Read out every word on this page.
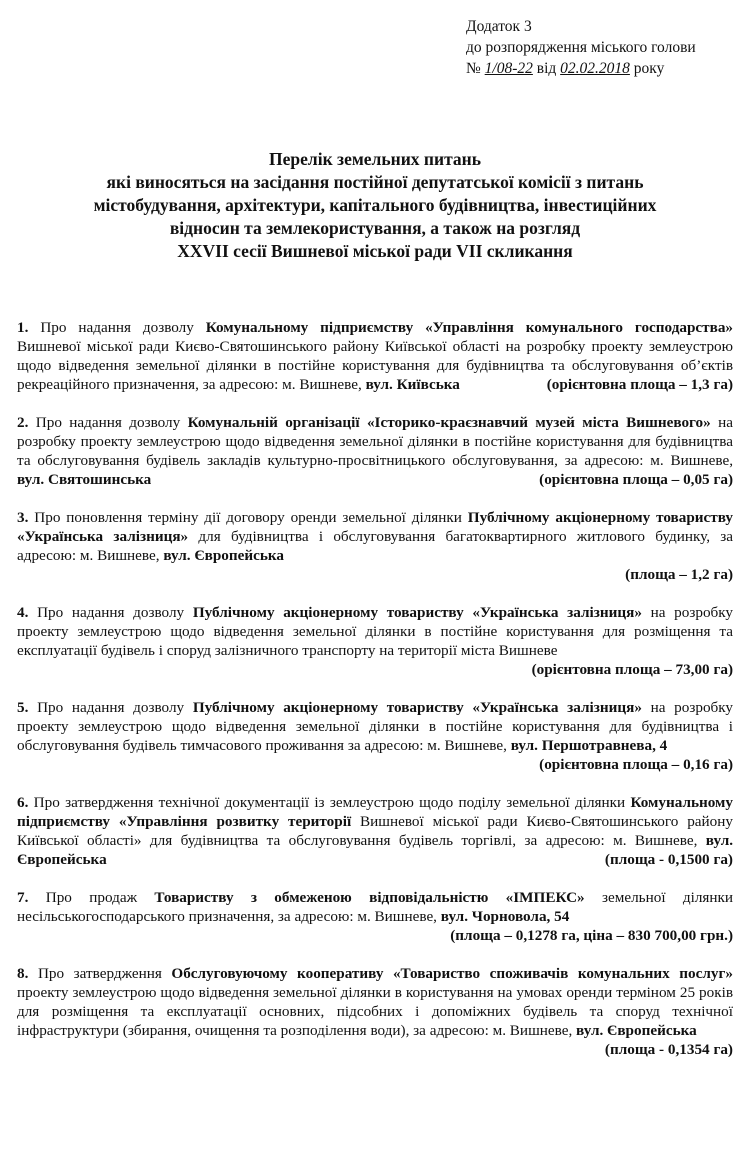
Додаток 3
до розпорядження міського голови
№ 1/08-22 від 02.02.2018 року
Перелік земельних питань
які виносяться на засідання постійної депутатської комісії з питань
містобудування, архітектури, капітального будівництва, інвестиційних
відносин та землекористування, а також на розгляд
XXVII сесії Вишневої міської ради VII скликання
1. Про надання дозволу Комунальному підприємству «Управління комунального господарства» Вишневої міської ради Києво-Святошинського району Київської області на розробку проекту землеустрою щодо відведення земельної ділянки в постійне користування для будівництва та обслуговування об’єктів рекреаційного призначення, за адресою: м. Вишневе, вул. Київська	(орієнтовна площа – 1,3 га)
2. Про надання дозволу Комунальній організації «Історико-краєзнавчий музей міста Вишневого» на розробку проекту землеустрою щодо відведення земельної ділянки в постійне користування для будівництва та обслуговування будівель закладів культурно-просвітницького обслуговування, за адресою: м. Вишневе, вул. Святошинська	(орієнтовна площа – 0,05 га)
3. Про поновлення терміну дії договору оренди земельної ділянки Публічному акціонерному товариству «Українська залізниця» для будівництва і обслуговування багатоквартирного житлового будинку, за адресою: м. Вишневе, вул. Європейська
(площа – 1,2 га)
4. Про надання дозволу Публічному акціонерному товариству «Українська залізниця» на розробку проекту землеустрою щодо відведення земельної ділянки в постійне користування для розміщення та експлуатації будівель і споруд залізничного транспорту на території міста Вишневе
(орієнтовна площа – 73,00 га)
5. Про надання дозволу Публічному акціонерному товариству «Українська залізниця» на розробку проекту землеустрою щодо відведення земельної ділянки в постійне користування для будівництва і обслуговування будівель тимчасового проживання за адресою: м. Вишневе, вул. Першотравнева, 4
(орієнтовна площа – 0,16 га)
6. Про затвердження технічної документації із землеустрою щодо поділу земельної ділянки Комунальному підприємству «Управління розвитку території Вишневої міської ради Києво-Святошинського району Київської області» для будівництва та обслуговування будівель торгівлі, за адресою: м. Вишневе, вул. Європейська	(площа - 0,1500 га)
7. Про продаж Товариству з обмеженою відповідальністю «ІМПЕКС» земельної ділянки несільськогосподарського призначення, за адресою: м. Вишневе, вул. Чорновола, 54
(площа – 0,1278 га, ціна – 830 700,00 грн.)
8. Про затвердження Обслуговуючому кооперативу «Товариство споживачів комунальних послуг» проекту землеустрою щодо відведення земельної ділянки в користування на умовах оренди терміном 25 років для розміщення та експлуатації основних, підсобних і допоміжних будівель та споруд технічної інфраструктури (збирання, очищення та розподілення води), за адресою: м. Вишневе, вул. Європейська
(площа - 0,1354 га)
